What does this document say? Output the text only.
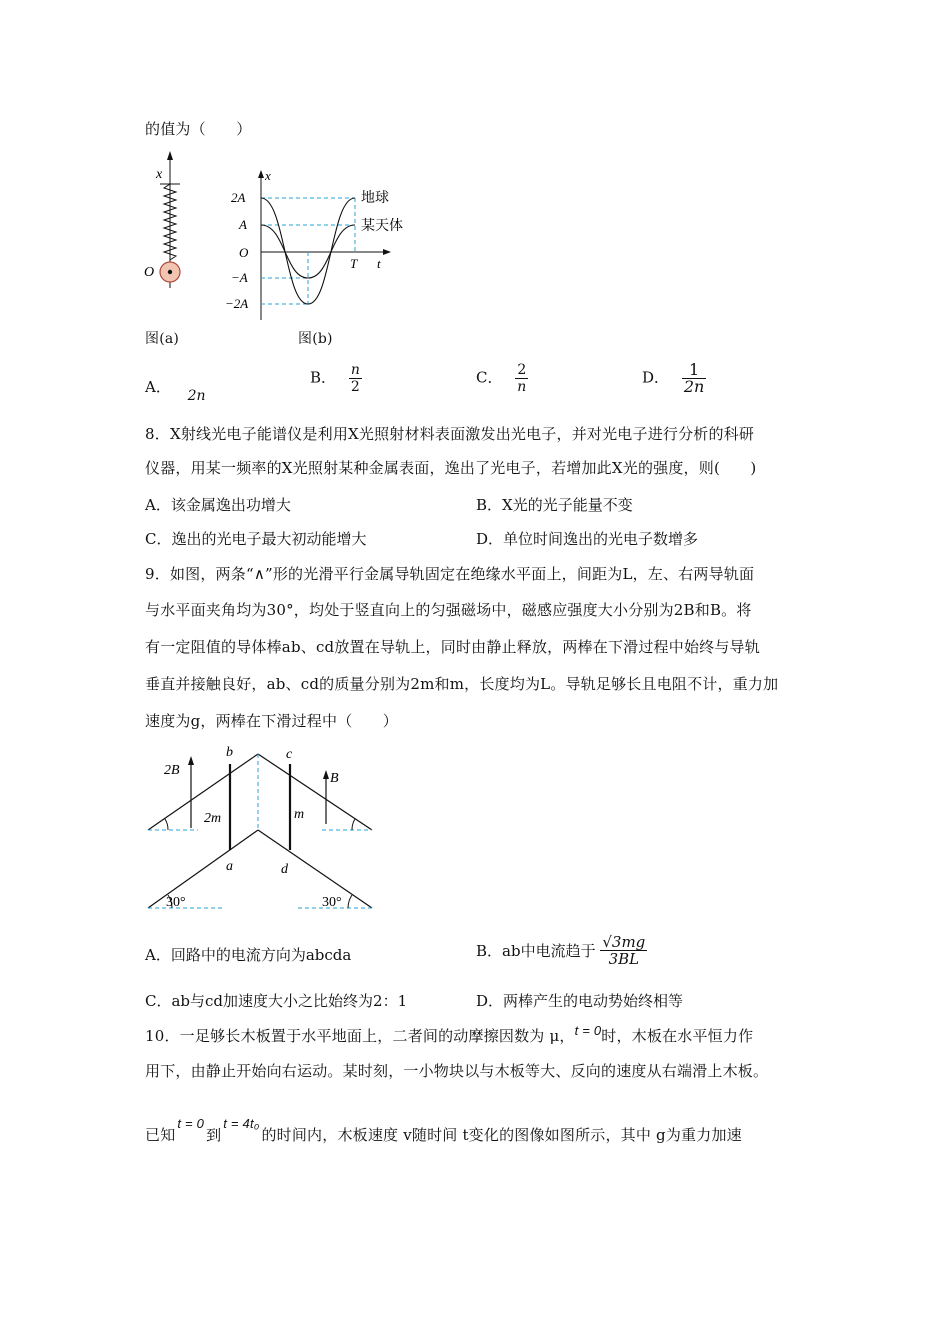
的值为（　　）
x
O
图(a)
x
t
2A
A
O
−A
−2A
T
地球
某天体
图(b)
A．
2n
B． $\frac{n}{2}$	C． $\frac{2}{n}$	D． $\frac{1}{2n}$
8．X射线光电子能谱仪是利用X光照射材料表面激发出光电子，并对光电子进行分析的科研
仪器，用某一频率的X光照射某种金属表面，逸出了光电子，若增加此X光的强度，则(　　)
A．该金属逸出功增大	B．X光的光子能量不变
C．逸出的光电子最大初动能增大	D．单位时间逸出的光电子数增多
9．如图，两条“∧”形的光滑平行金属导轨固定在绝缘水平面上，间距为L，左、右两导轨面
与水平面夹角均为30°，均处于竖直向上的匀强磁场中，磁感应强度大小分别为2B和B。将
有一定阻值的导体棒ab、cd放置在导轨上，同时由静止释放，两棒在下滑过程中始终与导轨
垂直并接触良好，ab、cd的质量分别为2m和m，长度均为L。导轨足够长且电阻不计，重力加
速度为g，两棒在下滑过程中（　　）
b	c
a	d
2B
B
2m	m
30°	30°
A．回路中的电流方向为abcda	B．ab中电流趋于 $\frac{√3mg}{3BL}$
C．ab与cd加速度大小之比始终为2：1	D．两棒产生的电动势始终相等
10．一足够长木板置于水平地面上，二者间的动摩擦因数为 μ，t = 0时，木板在水平恒力作
用下，由静止开始向右运动。某时刻，一小物块以与木板等大、反向的速度从右端滑上木板。
已知t = 0到t = 4t₀的时间内，木板速度 v随时间 t变化的图像如图所示，其中 g为重力加速
